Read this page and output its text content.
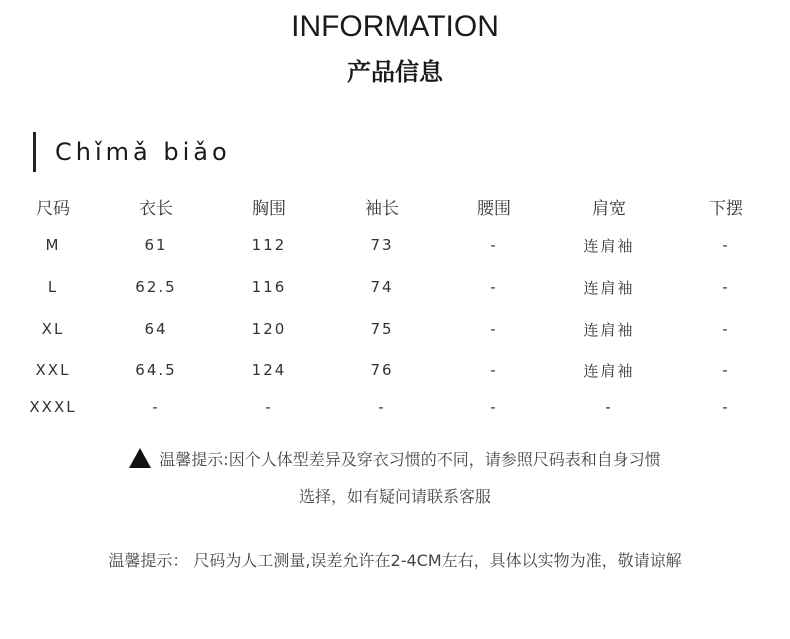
INFORMATION
产品信息
Chǐmǎ biǎo
尺码	衣长	胸围	袖长	腰围	肩宽	下摆
M	61	112	73	-	连肩袖	-
L	62.5	116	74	-	连肩袖	-
XL	64	120	75	-	连肩袖	-
XXL	64.5	124	76	-	连肩袖	-
XXXL	-	-	-	-	-	-
温馨提示:因个人体型差异及穿衣习惯的不同，请参照尺码表和自身习惯
选择，如有疑问请联系客服
温馨提示： 尺码为人工测量,误差允许在2-4CM左右，具体以实物为准，敬请谅解
